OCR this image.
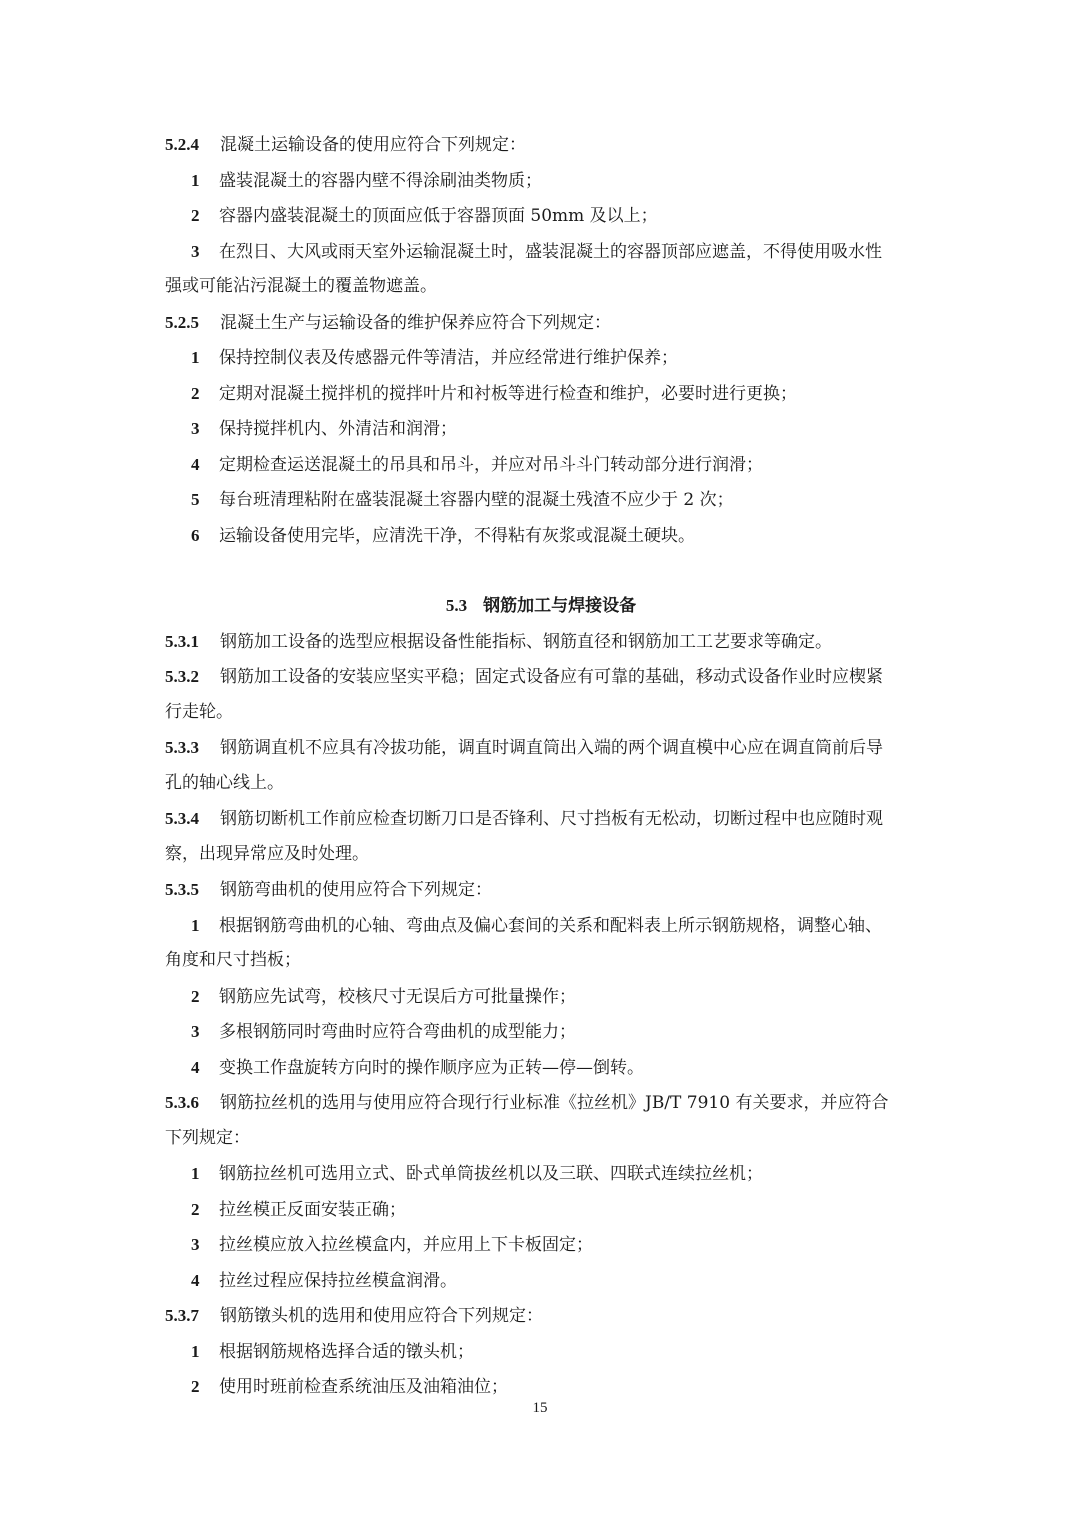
5.2.4 混凝土运输设备的使用应符合下列规定：
1 盛装混凝土的容器内壁不得涂刷油类物质；
2 容器内盛装混凝土的顶面应低于容器顶面 50mm 及以上；
3 在烈日、大风或雨天室外运输混凝土时，盛装混凝土的容器顶部应遮盖，不得使用吸水性
强或可能沾污混凝土的覆盖物遮盖。
5.2.5 混凝土生产与运输设备的维护保养应符合下列规定：
1 保持控制仪表及传感器元件等清洁，并应经常进行维护保养；
2 定期对混凝土搅拌机的搅拌叶片和衬板等进行检查和维护，必要时进行更换；
3 保持搅拌机内、外清洁和润滑；
4 定期检查运送混凝土的吊具和吊斗，并应对吊斗斗门转动部分进行润滑；
5 每台班清理粘附在盛装混凝土容器内壁的混凝土残渣不应少于 2 次；
6 运输设备使用完毕，应清洗干净，不得粘有灰浆或混凝土硬块。
5.3 钢筋加工与焊接设备
5.3.1 钢筋加工设备的选型应根据设备性能指标、钢筋直径和钢筋加工工艺要求等确定。
5.3.2 钢筋加工设备的安装应坚实平稳；固定式设备应有可靠的基础，移动式设备作业时应楔紧
行走轮。
5.3.3 钢筋调直机不应具有冷拔功能，调直时调直筒出入端的两个调直模中心应在调直筒前后导
孔的轴心线上。
5.3.4 钢筋切断机工作前应检查切断刀口是否锋利、尺寸挡板有无松动，切断过程中也应随时观
察，出现异常应及时处理。
5.3.5 钢筋弯曲机的使用应符合下列规定：
1 根据钢筋弯曲机的心轴、弯曲点及偏心套间的关系和配料表上所示钢筋规格，调整心轴、
角度和尺寸挡板；
2 钢筋应先试弯，校核尺寸无误后方可批量操作；
3 多根钢筋同时弯曲时应符合弯曲机的成型能力；
4 变换工作盘旋转方向时的操作顺序应为正转—停—倒转。
5.3.6 钢筋拉丝机的选用与使用应符合现行行业标准《拉丝机》JB/T 7910 有关要求，并应符合
下列规定：
1 钢筋拉丝机可选用立式、卧式单筒拔丝机以及三联、四联式连续拉丝机；
2 拉丝模正反面安装正确；
3 拉丝模应放入拉丝模盒内，并应用上下卡板固定；
4 拉丝过程应保持拉丝模盒润滑。
5.3.7 钢筋镦头机的选用和使用应符合下列规定：
1 根据钢筋规格选择合适的镦头机；
2 使用时班前检查系统油压及油箱油位；
15
